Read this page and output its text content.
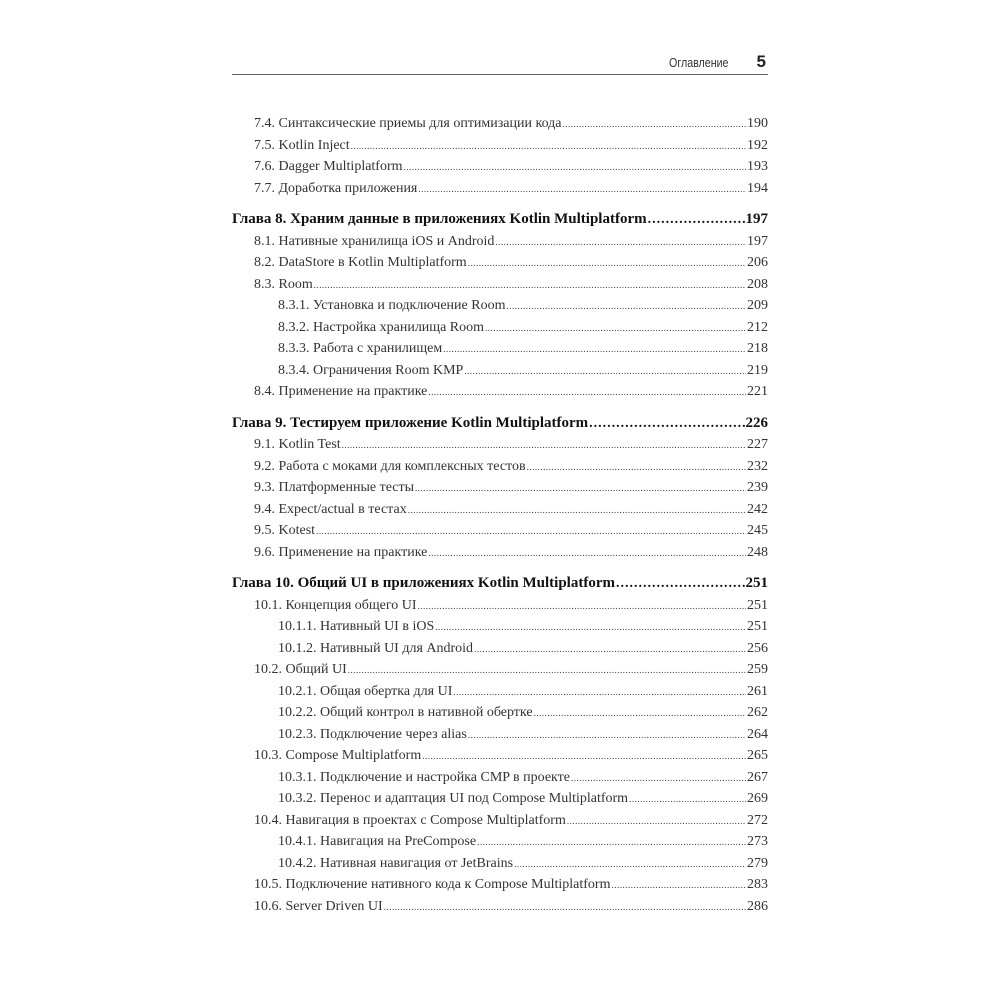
Оглавление 5
7.4. Синтаксические приемы для оптимизации кода .....	190
7.5. Kotlin Inject .....	192
7.6. Dagger Multiplatform .....	193
7.7. Доработка приложения .....	194
Глава 8. Храним данные в приложениях Kotlin Multiplatform .....	197
8.1. Нативные хранилища iOS и Android .....	197
8.2. DataStore в Kotlin Multiplatform .....	206
8.3. Room .....	208
8.3.1. Установка и подключение Room .....	209
8.3.2. Настройка хранилища Room .....	212
8.3.3. Работа с хранилищем .....	218
8.3.4. Ограничения Room KMP .....	219
8.4. Применение на практике .....	221
Глава 9. Тестируем приложение Kotlin Multiplatform .....	226
9.1. Kotlin Test .....	227
9.2. Работа с моками для комплексных тестов .....	232
9.3. Платформенные тесты .....	239
9.4. Expect/actual в тестах .....	242
9.5. Kotest .....	245
9.6. Применение на практике .....	248
Глава 10. Общий UI в приложениях Kotlin Multiplatform .....	251
10.1. Концепция общего UI .....	251
10.1.1. Нативный UI в iOS .....	251
10.1.2. Нативный UI для Android .....	256
10.2. Общий UI .....	259
10.2.1. Общая обертка для UI .....	261
10.2.2. Общий контрол в нативной обертке .....	262
10.2.3. Подключение через alias .....	264
10.3. Compose Multiplatform .....	265
10.3.1. Подключение и настройка CMP в проекте .....	267
10.3.2. Перенос и адаптация UI под Compose Multiplatform .....	269
10.4. Навигация в проектах с Compose Multiplatform .....	272
10.4.1. Навигация на PreCompose .....	273
10.4.2. Нативная навигация от JetBrains .....	279
10.5. Подключение нативного кода к Compose Multiplatform .....	283
10.6. Server Driven UI .....	286
